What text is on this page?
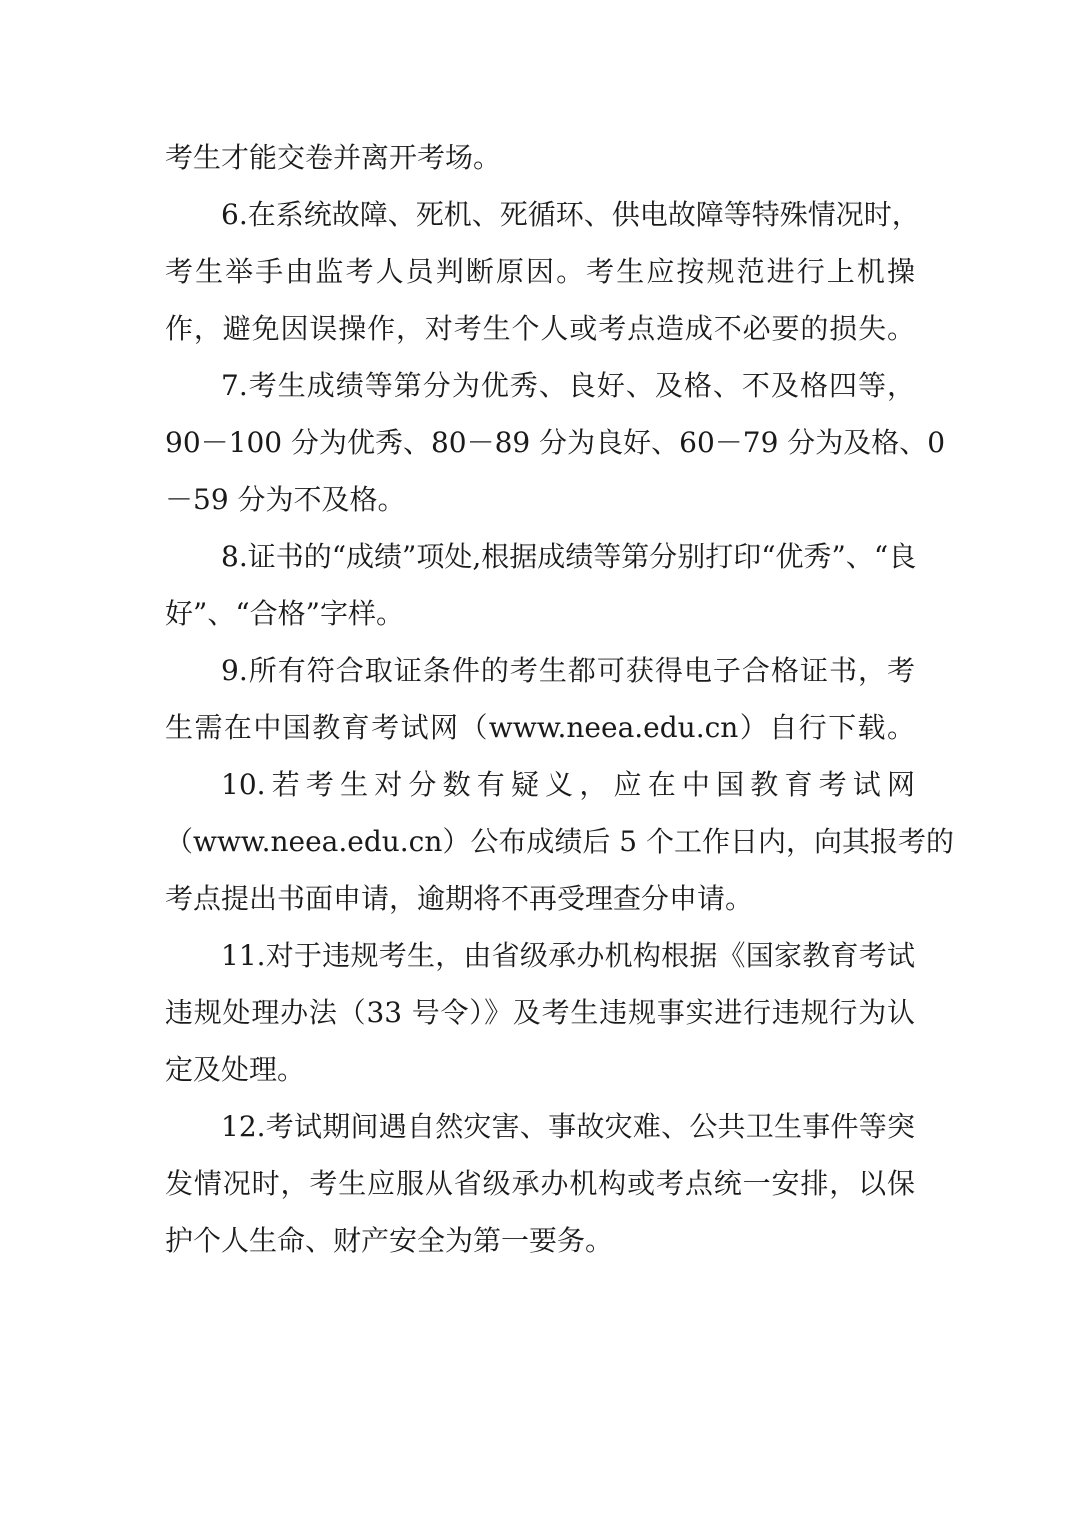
考生才能交卷并离开考场。
6.在系统故障、死机、死循环、供电故障等特殊情况时，
考生举手由监考人员判断原因。考生应按规范进行上机操
作，避免因误操作，对考生个人或考点造成不必要的损失。
7.考生成绩等第分为优秀、良好、及格、不及格四等，
90－100 分为优秀、80－89 分为良好、60－79 分为及格、0
－59 分为不及格。
8.证书的“成绩”项处,根据成绩等第分别打印“优秀”、“良
好”、“合格”字样。
9.所有符合取证条件的考生都可获得电子合格证书，考
生需在中国教育考试网（www.neea.edu.cn）自行下载。
10.若考生对分数有疑义，应在中国教育考试网
（www.neea.edu.cn）公布成绩后 5 个工作日内，向其报考的
考点提出书面申请，逾期将不再受理查分申请。
11.对于违规考生，由省级承办机构根据《国家教育考试
违规处理办法（33 号令）》及考生违规事实进行违规行为认
定及处理。
12.考试期间遇自然灾害、事故灾难、公共卫生事件等突
发情况时，考生应服从省级承办机构或考点统一安排，以保
护个人生命、财产安全为第一要务。
